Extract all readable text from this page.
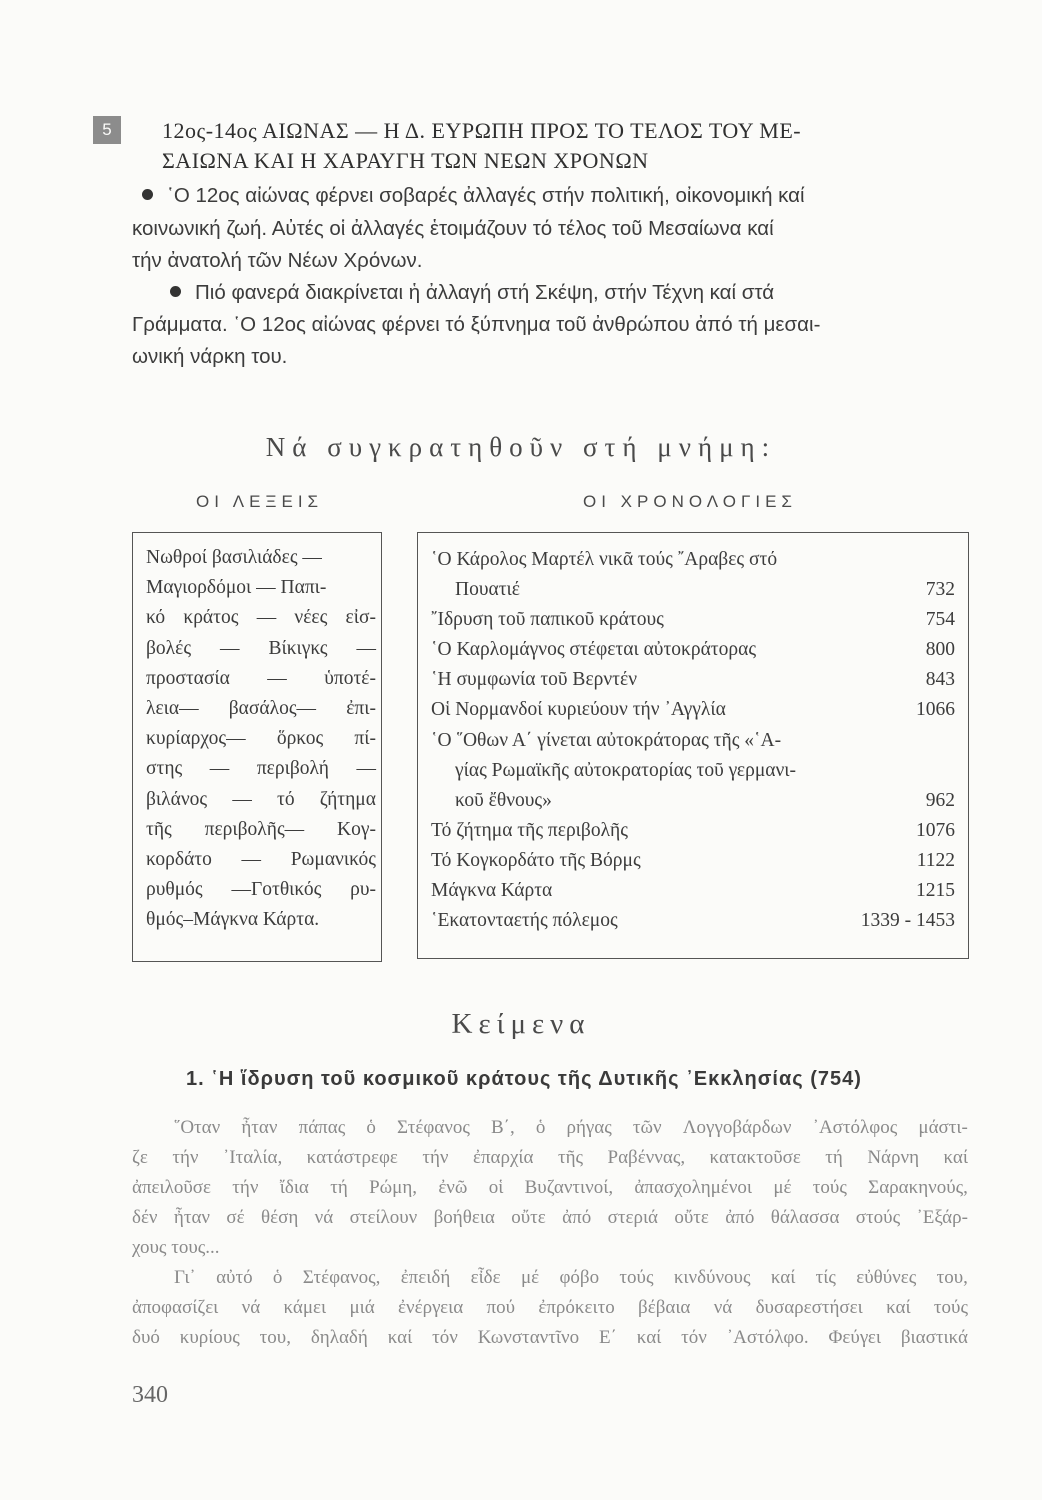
5	12ος-14ος ΑΙΩΝΑΣ — Η Δ. ΕΥΡΩΠΗ ΠΡΟΣ ΤΟ ΤΕΛΟΣ ΤΟΥ ΜΕ-
ΣΑΙΩΝΑ ΚΑΙ Η ΧΑΡΑΥΓΗ ΤΩΝ ΝΕΩΝ ΧΡΟΝΩΝ
῾Ο 12ος αἰώνας φέρνει σοβαρές ἀλλαγές στήν πολιτική, οἰκονομική καί
κοινωνική ζωή. Αὐτές οἱ ἀλλαγές ἑτοιμάζουν τό τέλος τοῦ Μεσαίωνα καί
τήν ἀνατολή τῶν Νέων Χρόνων.
Πιό φανερά διακρίνεται ἡ ἀλλαγή στή Σκέψη, στήν Τέχνη καί στά
Γράμματα. ῾Ο 12ος αἰώνας φέρνει τό ξύπνημα τοῦ ἀνθρώπου ἀπό τή μεσαι-
ωνική νάρκη του.
Νά συγκρατηθοῦν στή μνήμη:
ΟΙ ΛΕΞΕΙΣ	ΟΙ ΧΡΟΝΟΛΟΓΙΕΣ
Νωθροί βασιλιάδες —
Μαγιορδόμοι — Παπι-
κό κράτος — νέες εἰσ-
βολές — Βίκιγκς —
προστασία — ὑποτέ-
λεια— βασάλος— ἐπι-
κυρίαρχος— ὅρκος πί-
στης — περιβολή —
βιλάνος — τό ζήτημα
τῆς περιβολῆς— Κογ-
κορδάτο — Ρωμανικός
ρυθμός —Γοτθικός ρυ-
θμός–Μάγκνα Κάρτα.
῾Ο Κάρολος Μαρτέλ νικᾶ τούς ῎Αραβες στό
Πουατιέ	732
῎Ιδρυση τοῦ παπικοῦ κράτους	754
῾Ο Καρλομάγνος στέφεται αὐτοκράτορας	800
῾Η συμφωνία τοῦ Βερντέν	843
Οἱ Νορμανδοί κυριεύουν τήν ᾿Αγγλία	1066
῾Ο ῞Οθων Α΄ γίνεται αὐτοκράτορας τῆς «῾Α-
γίας Ρωμαϊκῆς αὐτοκρατορίας τοῦ γερμανι-
κοῦ ἔθνους»	962
Τό ζήτημα τῆς περιβολῆς	1076
Τό Κογκορδάτο τῆς Βόρμς	1122
Μάγκνα Κάρτα	1215
῾Εκατονταετής πόλεμος	1339 - 1453
Κείμενα
1. ῾Η ἵδρυση τοῦ κοσμικοῦ κράτους τῆς Δυτικῆς ᾿Εκκλησίας (754)
῞Οταν ἦταν πάπας ὁ Στέφανος Β΄, ὁ ρήγας τῶν Λογγοβάρδων ᾿Αστόλφος μάστι-
ζε τήν ᾿Ιταλία, κατάστρεφε τήν ἐπαρχία τῆς Ραβέννας, κατακτοῦσε τή Νάρνη καί
ἀπειλοῦσε τήν ἴδια τή Ρώμη, ἐνῶ οἱ Βυζαντινοί, ἀπασχολημένοι μέ τούς Σαρακηνούς,
δέν ἦταν σέ θέση νά στείλουν βοήθεια οὔτε ἀπό στεριά οὔτε ἀπό θάλασσα στούς ᾿Εξάρ-
χους τους...
Γι᾿ αὐτό ὁ Στέφανος, ἐπειδή εἶδε μέ φόβο τούς κινδύνους καί τίς εὐθύνες του,
ἀποφασίζει νά κάμει μιά ἐνέργεια πού ἐπρόκειτο βέβαια νά δυσαρεστήσει καί τούς
δυό κυρίους του, δηλαδή καί τόν Κωνσταντῖνο Ε΄ καί τόν ᾿Αστόλφο. Φεύγει βιαστικά
340
